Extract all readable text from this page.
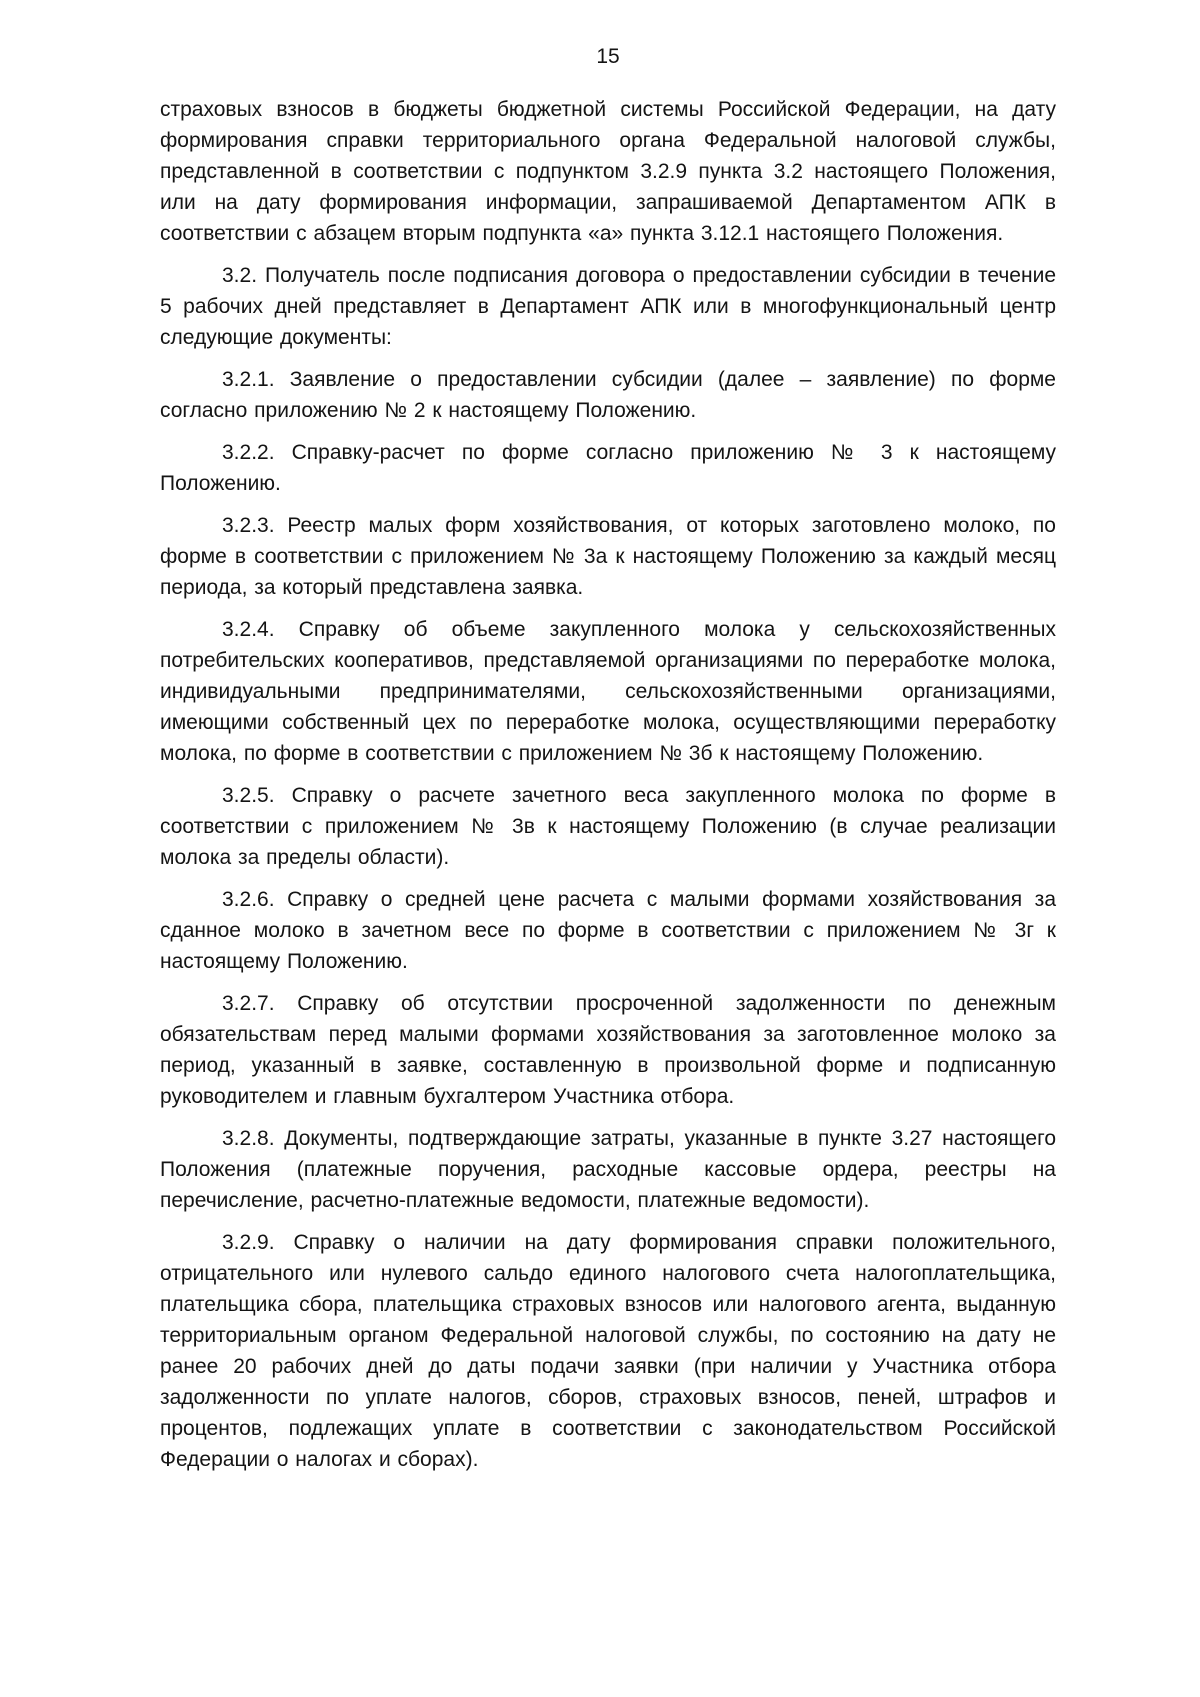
15

страховых взносов в бюджеты бюджетной системы Российской Федерации, на дату формирования справки территориального органа Федеральной налоговой службы, представленной в соответствии с подпунктом 3.2.9 пункта 3.2 настоящего Положения, или на дату формирования информации, запрашиваемой Департаментом АПК в соответствии с абзацем вторым подпункта «а» пункта 3.12.1 настоящего Положения.

3.2. Получатель после подписания договора о предоставлении субсидии в течение 5 рабочих дней представляет в Департамент АПК или в многофункциональный центр следующие документы:

3.2.1. Заявление о предоставлении субсидии (далее – заявление) по форме согласно приложению № 2 к настоящему Положению.

3.2.2. Справку-расчет по форме согласно приложению № 3 к настоящему Положению.

3.2.3. Реестр малых форм хозяйствования, от которых заготовлено молоко, по форме в соответствии с приложением № 3а к настоящему Положению за каждый месяц периода, за который представлена заявка.

3.2.4. Справку об объеме закупленного молока у сельскохозяйственных потребительских кооперативов, представляемой организациями по переработке молока, индивидуальными предпринимателями, сельскохозяйственными организациями, имеющими собственный цех по переработке молока, осуществляющими переработку молока, по форме в соответствии с приложением № 3б к настоящему Положению.

3.2.5. Справку о расчете зачетного веса закупленного молока по форме в соответствии с приложением № 3в к настоящему Положению (в случае реализации молока за пределы области).

3.2.6. Справку о средней цене расчета с малыми формами хозяйствования за сданное молоко в зачетном весе по форме в соответствии с приложением № 3г к настоящему Положению.

3.2.7. Справку об отсутствии просроченной задолженности по денежным обязательствам перед малыми формами хозяйствования за заготовленное молоко за период, указанный в заявке, составленную в произвольной форме и подписанную руководителем и главным бухгалтером Участника отбора.

3.2.8. Документы, подтверждающие затраты, указанные в пункте 3.27 настоящего Положения (платежные поручения, расходные кассовые ордера, реестры на перечисление, расчетно-платежные ведомости, платежные ведомости).

3.2.9. Справку о наличии на дату формирования справки положительного, отрицательного или нулевого сальдо единого налогового счета налогоплательщика, плательщика сбора, плательщика страховых взносов или налогового агента, выданную территориальным органом Федеральной налоговой службы, по состоянию на дату не ранее 20 рабочих дней до даты подачи заявки (при наличии у Участника отбора задолженности по уплате налогов, сборов, страховых взносов, пеней, штрафов и процентов, подлежащих уплате в соответствии с законодательством Российской Федерации о налогах и сборах).
